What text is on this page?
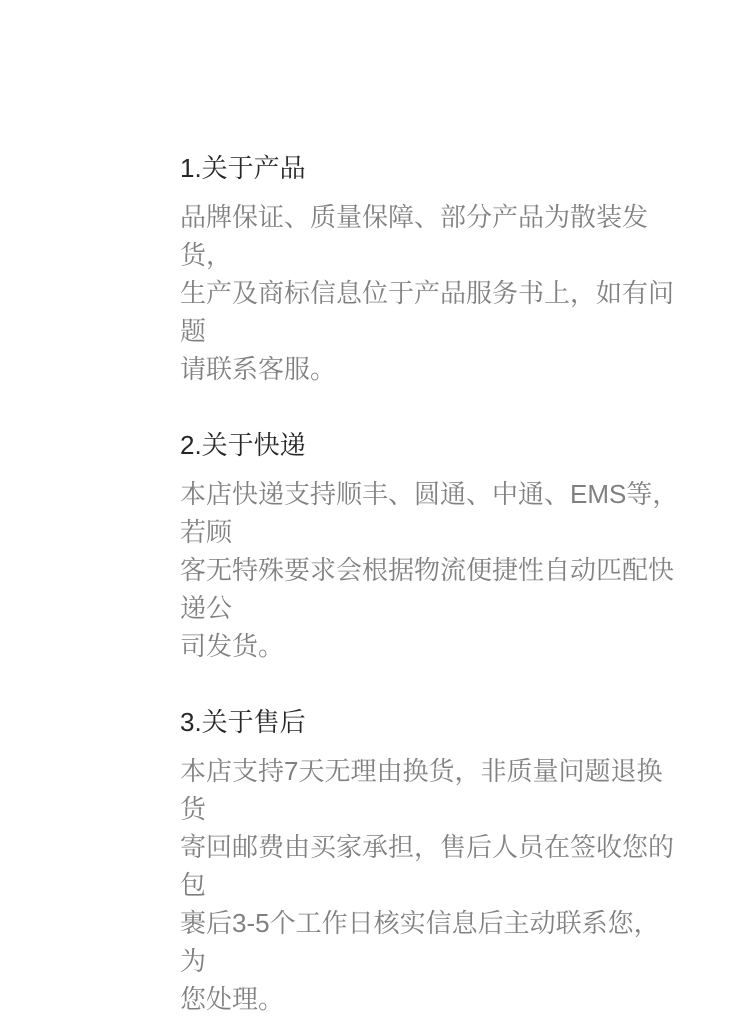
1.关于产品

品牌保证、质量保障、部分产品为散装发货，

生产及商标信息位于产品服务书上，如有问题

请联系客服。

2.关于快递

本店快递支持顺丰、圆通、中通、EMS等，若顾

客无特殊要求会根据物流便捷性自动匹配快递公

司发货。

3.关于售后

本店支持7天无理由换货，非质量问题退换货

寄回邮费由买家承担，售后人员在签收您的包

裹后3-5个工作日核实信息后主动联系您，为

您处理。
